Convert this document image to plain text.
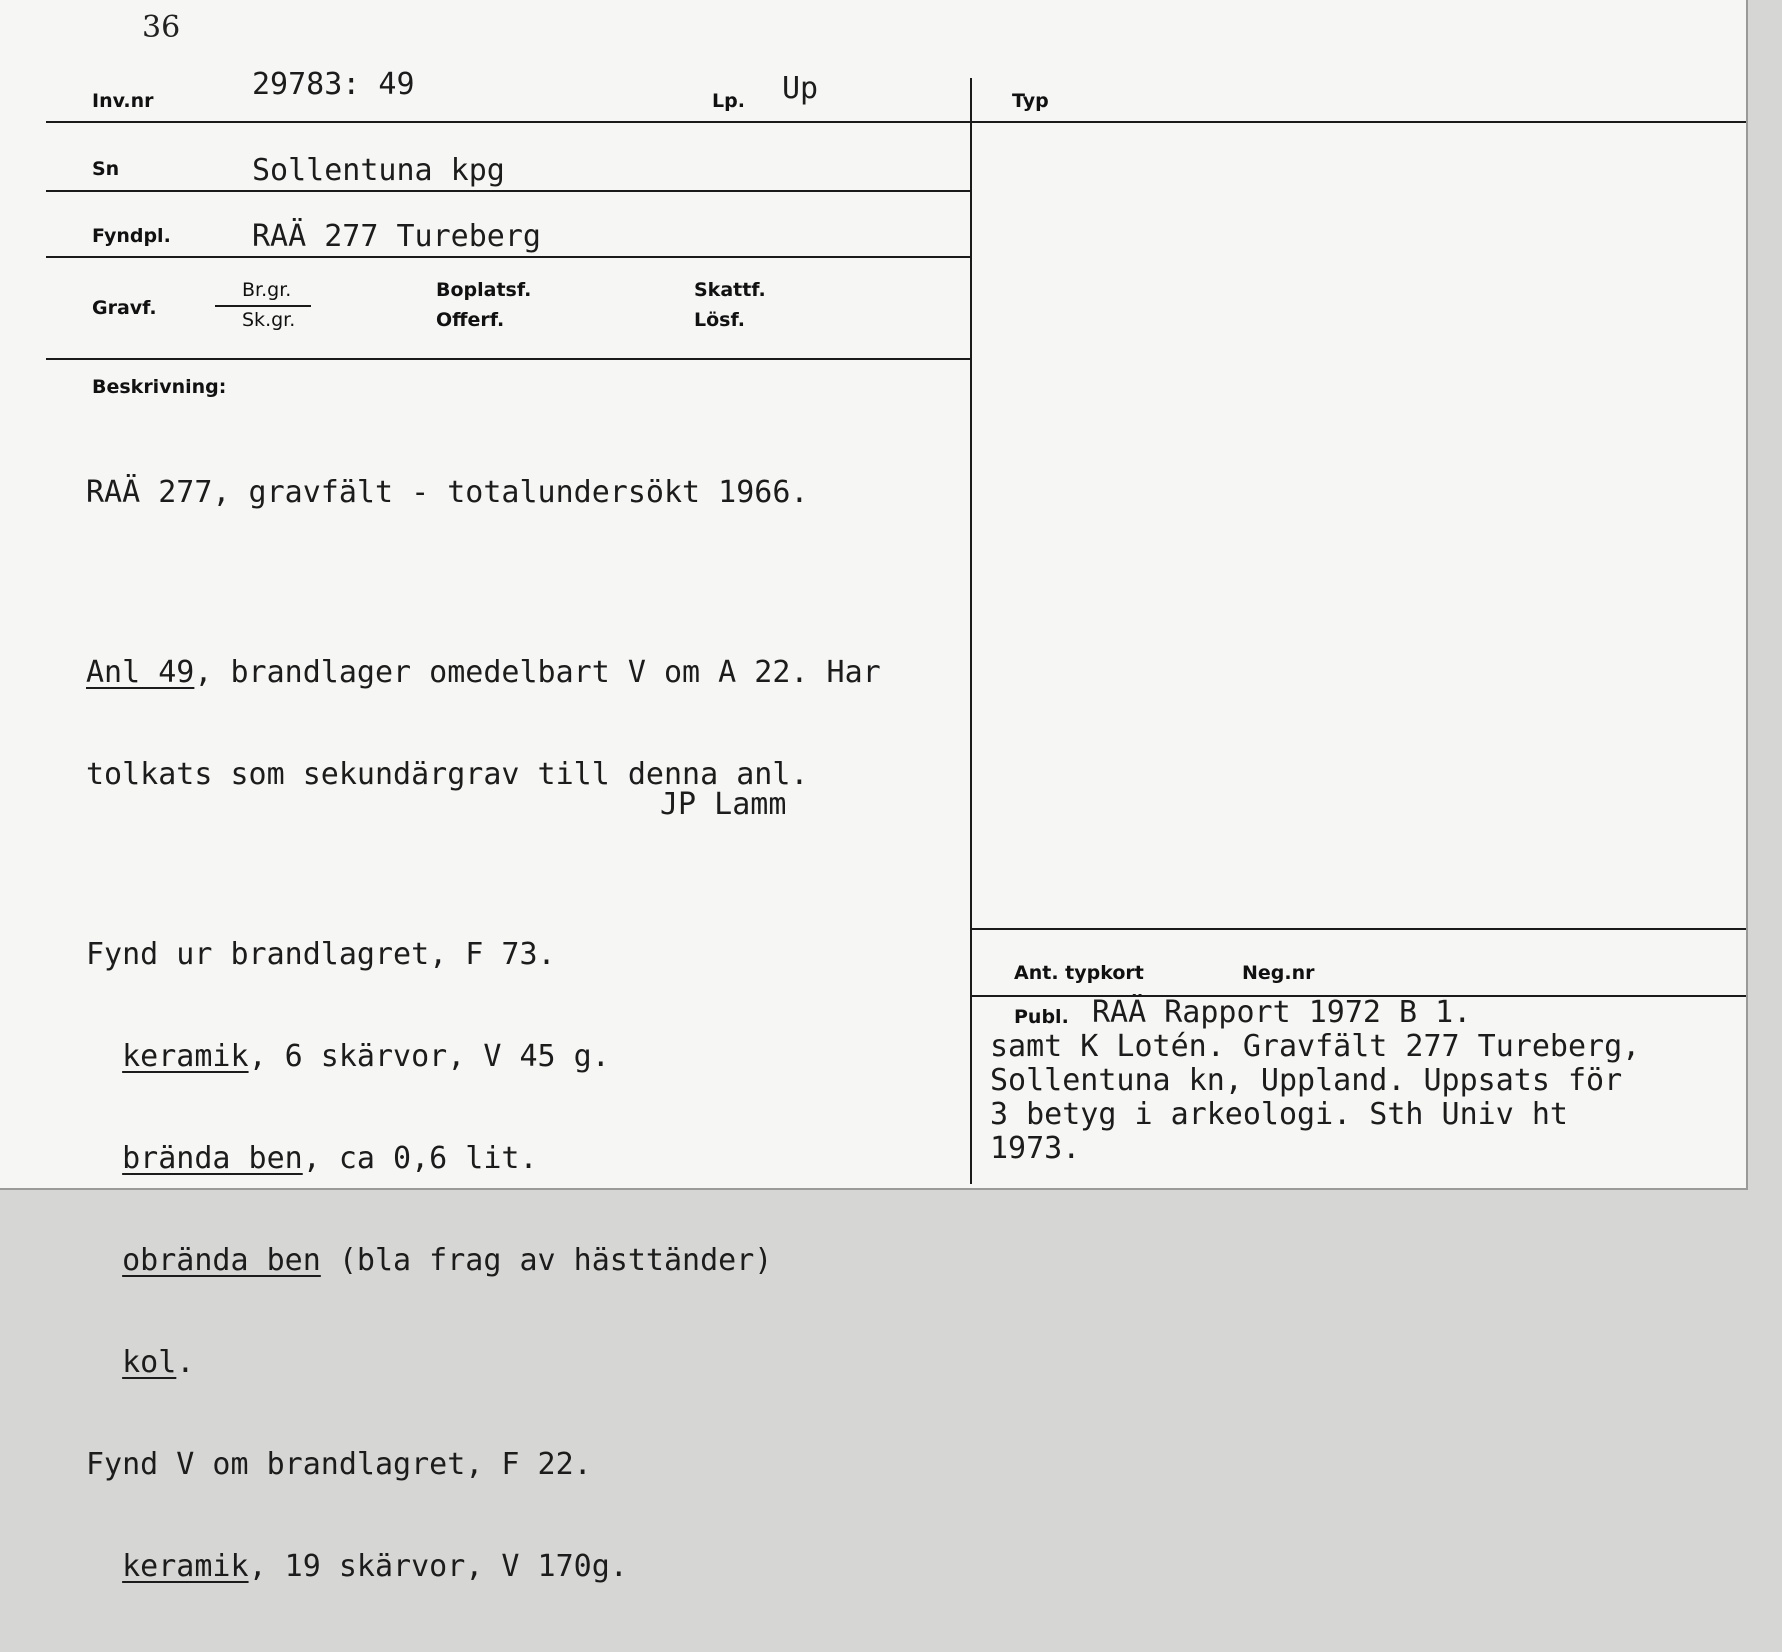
36
Inv.nr	29783: 49	Lp. Up	Typ
Sn	Sollentuna kpg
Fyndpl.	RAÄ 277 Tureberg
Gravf.
Br.gr.
Sk.gr.
Boplatsf.
Offerf.
Skattf.
Lösf.
Beskrivning:

RAÄ 277, gravfält - totalundersökt 1966.

Anl 49, brandlager omedelbart V om A 22. Har

tolkats som sekundärgrav till denna anl.

Fynd ur brandlagret, F 73.

keramik, 6 skärvor, V 45 g.

brända ben, ca 0,6 lit.

obrända ben (bla frag av hästtänder)

kol.

Fynd V om brandlagret, F 22.

keramik, 19 skärvor, V 170g.

JP Lamm
Ant. typkort	Neg.nr
Publ. RAÄ Rapport 1972 B 1.
samt K Lotén. Gravfält 277 Tureberg,
Sollentuna kn, Uppland. Uppsats för
3 betyg i arkeologi. Sth Univ ht
1973.
